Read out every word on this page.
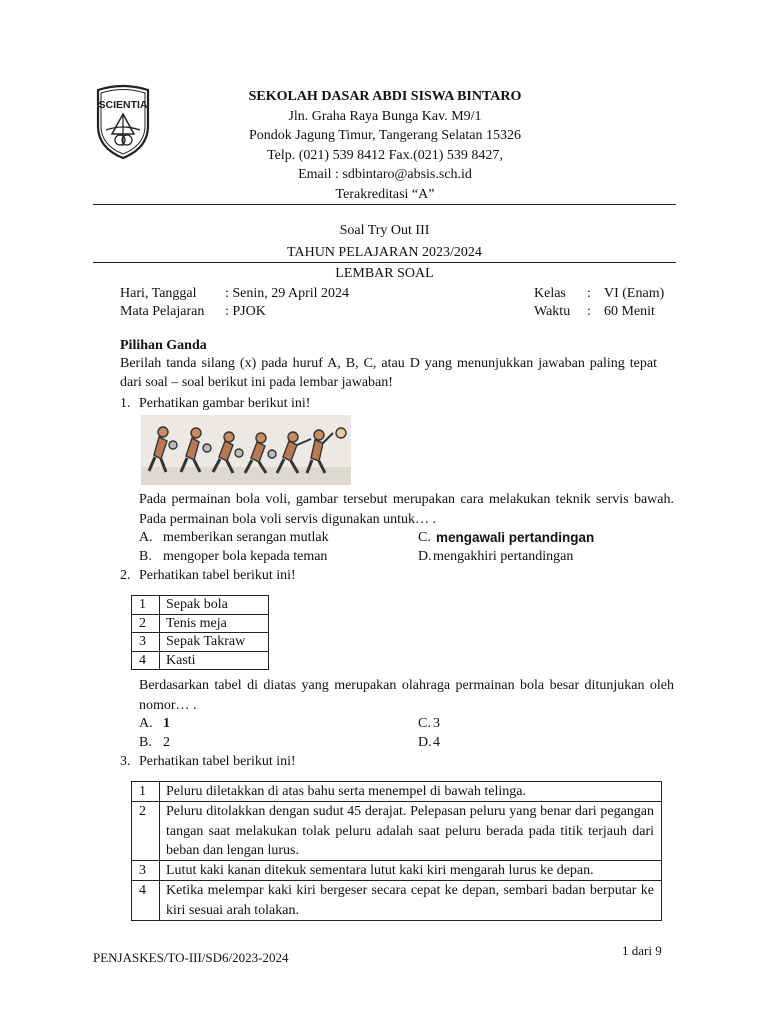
SCIENTIA
SEKOLAH DASAR ABDI SISWA BINTARO
Jln. Graha Raya Bunga Kav. M9/1
Pondok Jagung Timur, Tangerang Selatan 15326
Telp. (021) 539 8412 Fax.(021) 539 8427,
Email : sdbintaro@absis.sch.id
Terakreditasi “A”
Soal Try Out III
TAHUN PELAJARAN 2023/2024
LEMBAR SOAL
Hari, Tanggal : Senin, 29 April 2024
Mata Pelajaran : PJOK
Kelas : VI (Enam)
Waktu : 60 Menit
Pilihan Ganda
Berilah tanda silang (x) pada huruf A, B, C, atau D yang menunjukkan jawaban paling tepat dari soal – soal berikut ini pada lembar jawaban!
1. Perhatikan gambar berikut ini!
Pada permainan bola voli, gambar tersebut merupakan cara melakukan teknik servis bawah. Pada permainan bola voli servis digunakan untuk… .
A. memberikan serangan mutlak
B. mengoper bola kepada teman
C. mengawali pertandingan
D. mengakhiri pertandingan
2. Perhatikan tabel berikut ini!
1	Sepak bola
2	Tenis meja
3	Sepak Takraw
4	Kasti
Berdasarkan tabel di diatas yang merupakan olahraga permainan bola besar ditunjukan oleh nomor… .
A. 1
B. 2
C. 3
D. 4
3. Perhatikan tabel berikut ini!
1	Peluru diletakkan di atas bahu serta menempel di bawah telinga.
2	Peluru ditolakkan dengan sudut 45 derajat. Pelepasan peluru yang benar dari pegangan tangan saat melakukan tolak peluru adalah saat peluru berada pada titik terjauh dari beban dan lengan lurus.
3	Lutut kaki kanan ditekuk sementara lutut kaki kiri mengarah lurus ke depan.
4	Ketika melempar kaki kiri bergeser secara cepat ke depan, sembari badan berputar ke kiri sesuai arah tolakan.
PENJASKES/TO-III/SD6/2023-2024	1 dari 9
